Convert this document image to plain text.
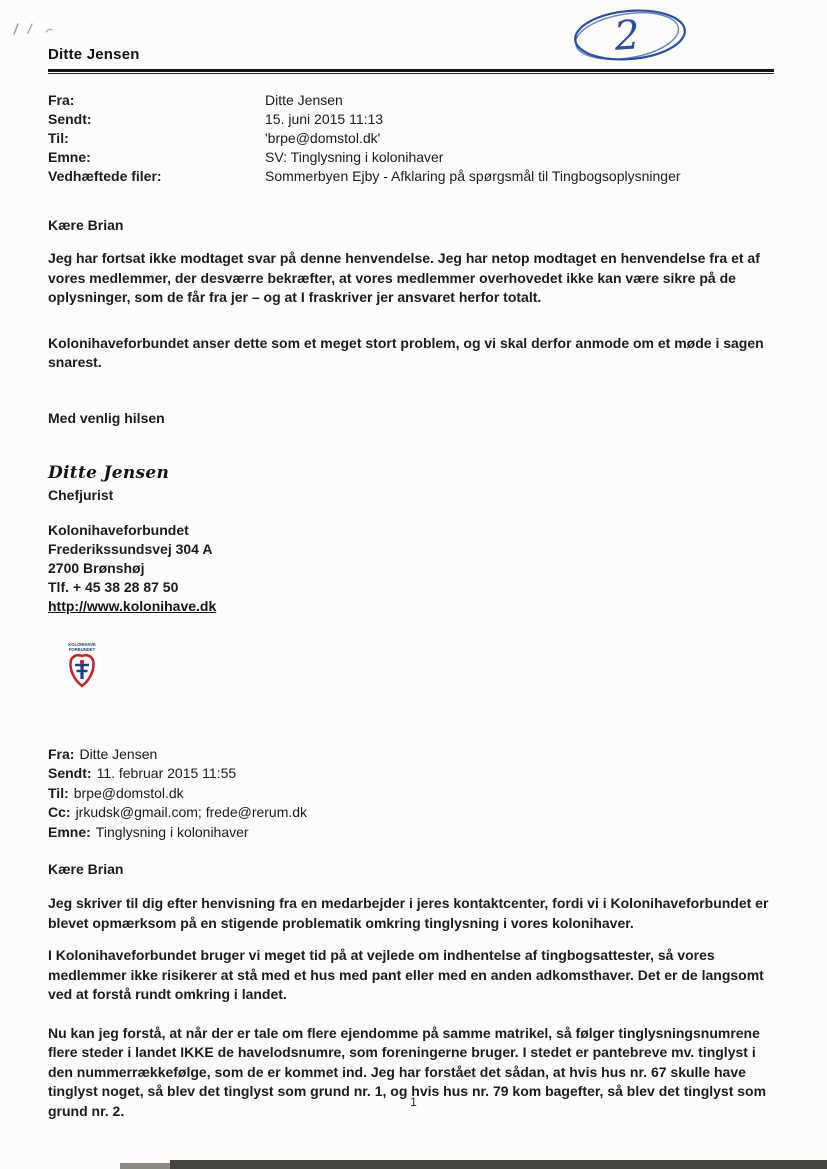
2
Ditte Jensen
Fra:	Ditte Jensen
Sendt:	15. juni 2015 11:13
Til:	'brpe@domstol.dk'
Emne:	SV: Tinglysning i kolonihaver
Vedhæftede filer:	Sommerbyen Ejby - Afklaring på spørgsmål til Tingbogsoplysninger

Kære Brian

Jeg har fortsat ikke modtaget svar på denne henvendelse. Jeg har netop modtaget en henvendelse fra et af vores medlemmer, der desværre bekræfter, at vores medlemmer overhovedet ikke kan være sikre på de oplysninger, som de får fra jer – og at I fraskriver jer ansvaret herfor totalt.

Kolonihaveforbundet anser dette som et meget stort problem, og vi skal derfor anmode om et møde i sagen snarest.

Med venlig hilsen

Ditte Jensen
Chefjurist
Kolonihaveforbundet
Frederikssundsvej 304 A
2700 Brønshøj
Tlf. + 45 38 28 87 50
http://www.kolonihave.dk
KOLONIHAVE
FORBUNDET

Fra: Ditte Jensen

Sendt: 11. februar 2015 11:55

Til: brpe@domstol.dk

Cc: jrkudsk@gmail.com; frede@rerum.dk

Emne: Tinglysning i kolonihaver

Kære Brian

Jeg skriver til dig efter henvisning fra en medarbejder i jeres kontaktcenter, fordi vi i Kolonihaveforbundet er blevet opmærksom på en stigende problematik omkring tinglysning i vores kolonihaver.

I Kolonihaveforbundet bruger vi meget tid på at vejlede om indhentelse af tingbogsattester, så vores medlemmer ikke risikerer at stå med et hus med pant eller med en anden adkomsthaver. Det er de langsomt ved at forstå rundt omkring i landet.

Nu kan jeg forstå, at når der er tale om flere ejendomme på samme matrikel, så følger tinglysningsnumrene flere steder i landet IKKE de havelodsnumre, som foreningerne bruger. I stedet er pantebreve mv. tinglyst i den nummerrækkefølge, som de er kommet ind. Jeg har forstået det sådan, at hvis hus nr. 67 skulle have tinglyst noget, så blev det tinglyst som grund nr. 1, og hvis hus nr. 79 kom bagefter, så blev det tinglyst som grund nr. 2.

1
